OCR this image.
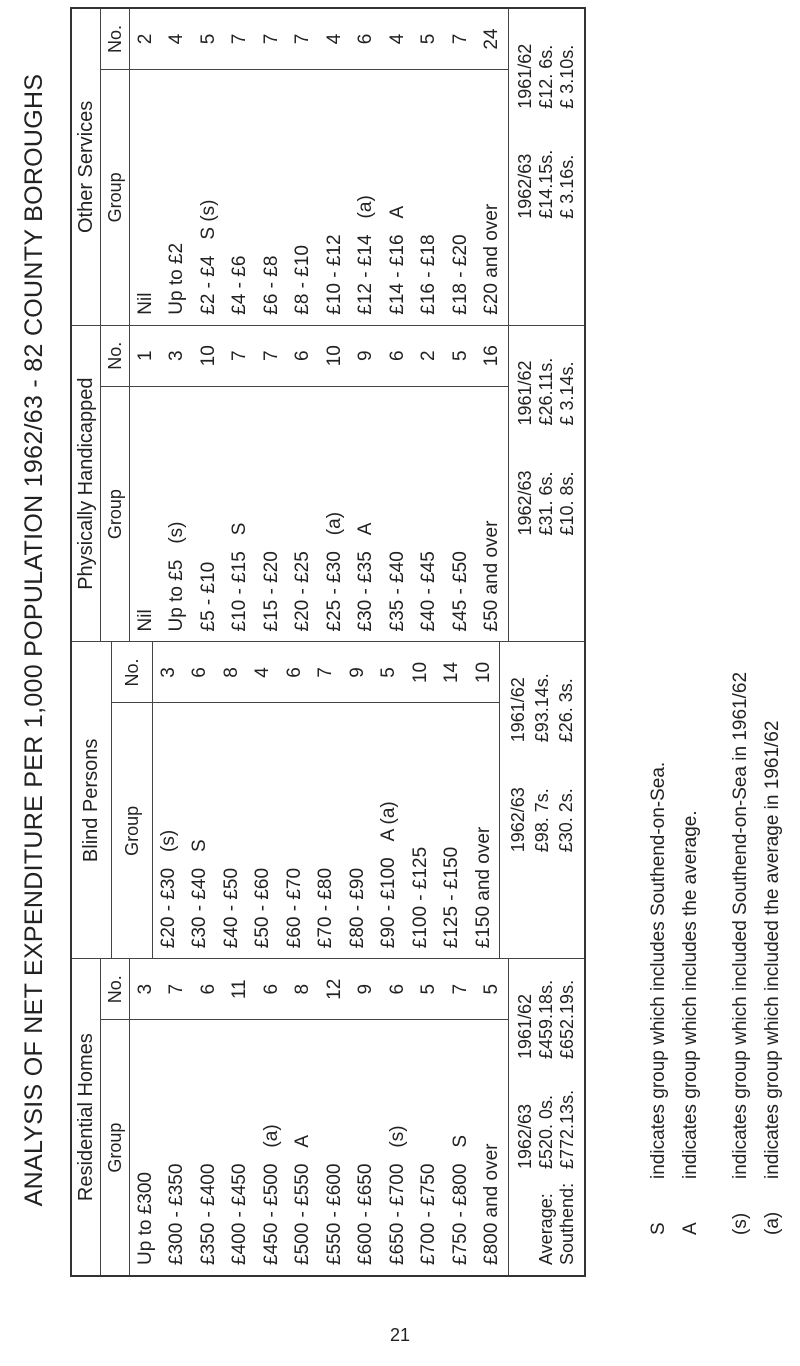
ANALYSIS OF NET EXPENDITURE PER 1,000 POPULATION 1962/63 - 82 COUNTY BOROUGHS	Residential Homes Group
No.
Up to £300 £300 - £350 £350 - £400 £400 - £450 £450 - £500
(a)
£500 - £550
A
£550 - £600 £600 - £650 £650 - £700
(s)
£700 - £750 £750 - £800
S
£800 and over
3 7 6 11 6 8 12 9 6 5 7 5
1962/63
1961/62
Average:
£520. 0s.
£459.18s.
Southend:
£772.13s.
£652.19s.
Blind Persons	Group
No.
£20 - £30
(s)
£30 - £40
S
£40 - £50 £50 - £60 £60 - £70 £70 - £80 £80 - £90 £90 - £100
A (a)
£100 - £125 £125 - £150 £150 and over
3 6 8 4 6 7 9 5 10 14 10
1962/63
1961/62
£98. 7s.
£93.14s.
£30. 2s.
£26. 3s.
Physically Handicapped Group
No.
Nil Up to £5
(s)
£5 - £10 £10 - £15
S
£15 - £20 £20 - £25 £25 - £30
(a)
£30 - £35
A
£35 - £40 £40 - £45 £45 - £50 £50 and over
1 3 10 7 7 6 10 9 6 2 5 16
1962/63
1961/62
£31. 6s.
£26.11s.
£10. 8s.
£ 3.14s.
Other Services Group
No.
Nil Up to £2 £2 - £4
S (s)
£4 - £6 £6 - £8 £8 - £10 £10 - £12 £12 - £14
(a)
£14 - £16
A
£16 - £18 £18 - £20 £20 and over
2 4 5 7 7 7 4 6 4 5 7 24
1962/63
1961/62
£14.15s.
£12. 6s.
£ 3.16s.
£ 3.10s.
S
indicates group which includes Southend-on-Sea.
A
indicates group which includes the average.
(s)
indicates group which included Southend-on-Sea in 1961/62
(a)
indicates group which included the average in 1961/62
21
